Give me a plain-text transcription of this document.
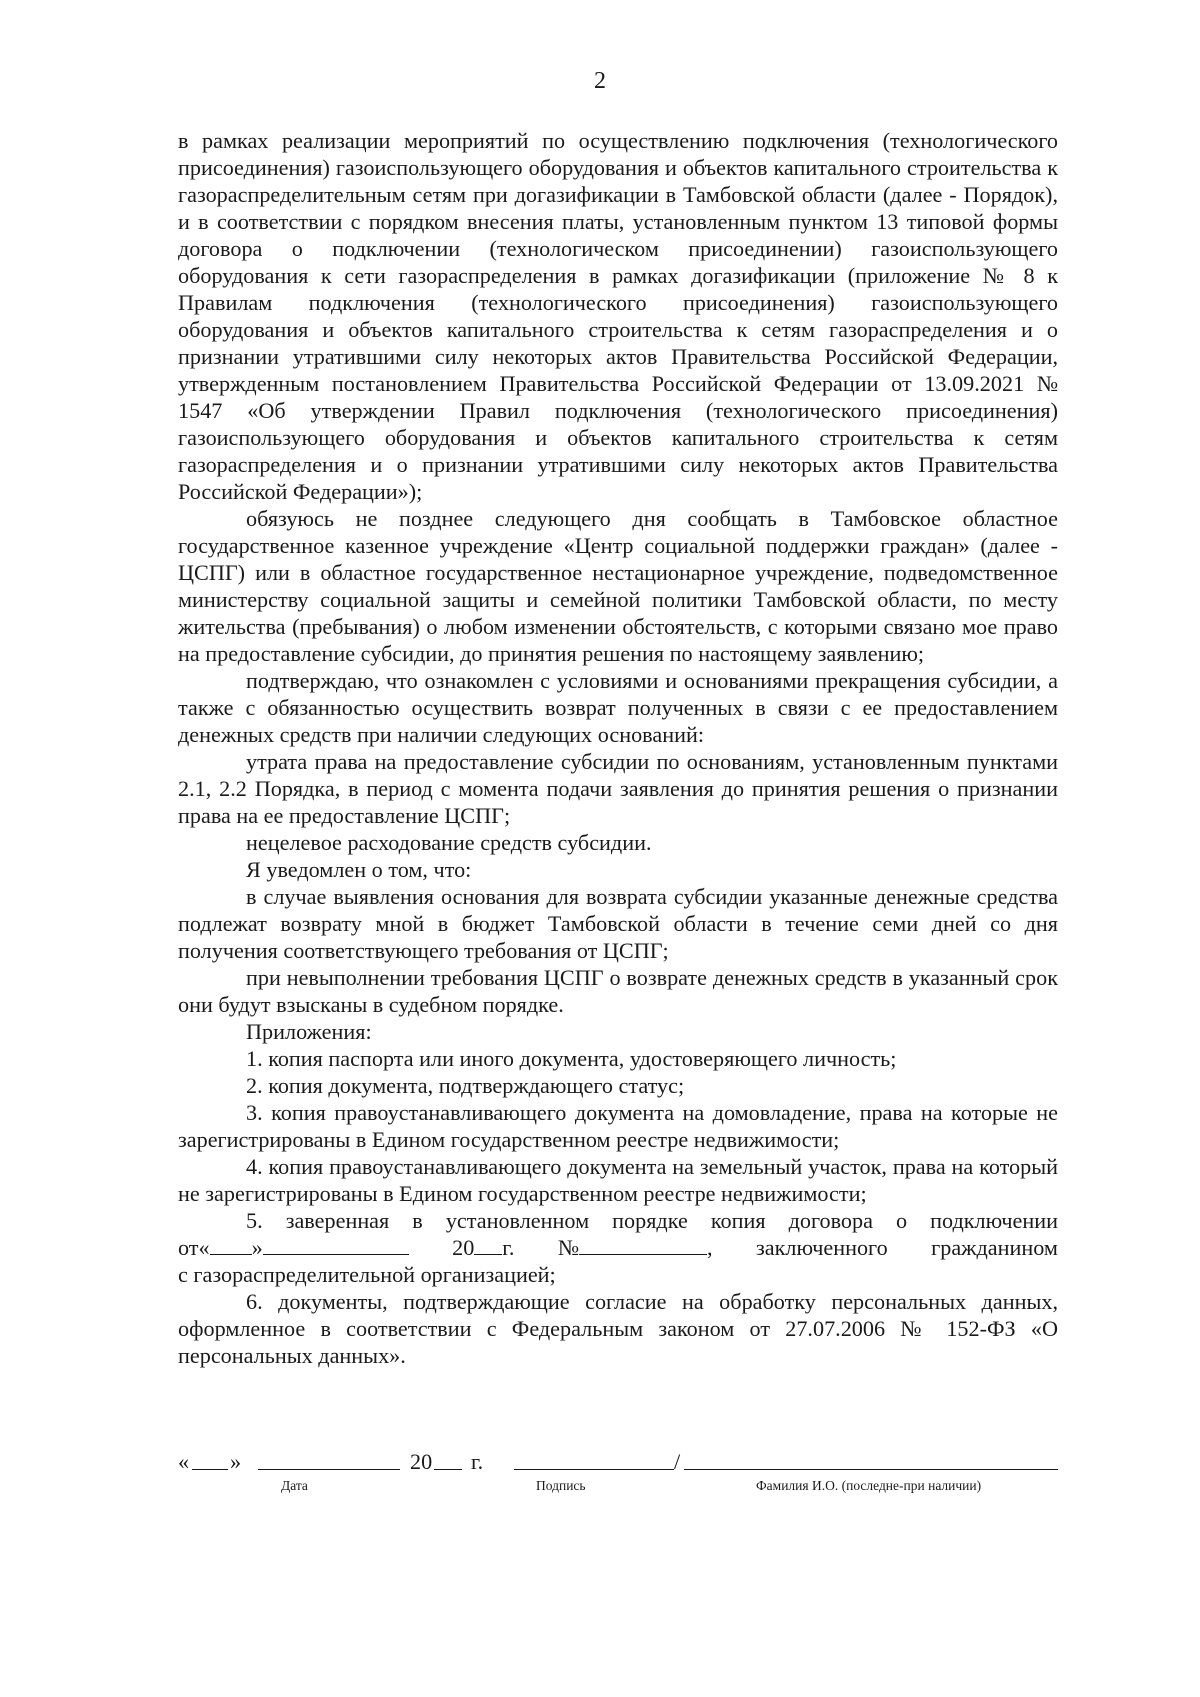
2

в рамках реализации мероприятий по осуществлению подключения (технологического присоединения) газоиспользующего оборудования и объектов капитального строительства к газораспределительным сетям при догазификации в Тамбовской области (далее - Порядок), и в соответствии с порядком внесения платы, установленным пунктом 13 типовой формы договора о подключении (технологическом присоединении) газоиспользующего оборудования к сети газораспределения в рамках догазификации (приложение № 8 к Правилам подключения (технологического присоединения) газоиспользующего оборудования и объектов капитального строительства к сетям газораспределения и о признании утратившими силу некоторых актов Правительства Российской Федерации, утвержденным постановлением Правительства Российской Федерации от 13.09.2021 № 1547 «Об утверждении Правил подключения (технологического присоединения) газоиспользующего оборудования и объектов капитального строительства к сетям газораспределения и о признании утратившими силу некоторых актов Правительства Российской Федерации»);

обязуюсь не позднее следующего дня сообщать в Тамбовское областное государственное казенное учреждение «Центр социальной поддержки граждан» (далее - ЦСПГ) или в областное государственное нестационарное учреждение, подведомственное министерству социальной защиты и семейной политики Тамбовской области, по месту жительства (пребывания) о любом изменении обстоятельств, с которыми связано мое право на предоставление субсидии, до принятия решения по настоящему заявлению;

подтверждаю, что ознакомлен с условиями и основаниями прекращения субсидии, а также с обязанностью осуществить возврат полученных в связи с ее предоставлением денежных средств при наличии следующих оснований:

утрата права на предоставление субсидии по основаниям, установленным пунктами 2.1, 2.2 Порядка, в период с момента подачи заявления до принятия решения о признании права на ее предоставление ЦСПГ;

нецелевое расходование средств субсидии.

Я уведомлен о том, что:

в случае выявления основания для возврата субсидии указанные денежные средства подлежат возврату мной в бюджет Тамбовской области в течение семи дней со дня получения соответствующего требования от ЦСПГ;

при невыполнении требования ЦСПГ о возврате денежных средств в указанный срок они будут взысканы в судебном порядке.

Приложения:

1. копия паспорта или иного документа, удостоверяющего личность;

2. копия документа, подтверждающего статус;

3. копия правоустанавливающего документа на домовладение, права на которые не зарегистрированы в Едином государственном реестре недвижимости;

4. копия правоустанавливающего документа на земельный участок, права на который не зарегистрированы в Едином государственном реестре недвижимости;

5. заверенная в установленном порядке копия договора о подключении
от« »	20 г. №	, заключенного гражданином

с газораспределительной организацией;

6. документы, подтверждающие согласие на обработку персональных данных, оформленное в соответствии с Федеральным законом от 27.07.2006 № 152-ФЗ «О персональных данных».

« »	20 г.	/
Дата	Подпись	Фамилия И.О. (последне-при наличии)
